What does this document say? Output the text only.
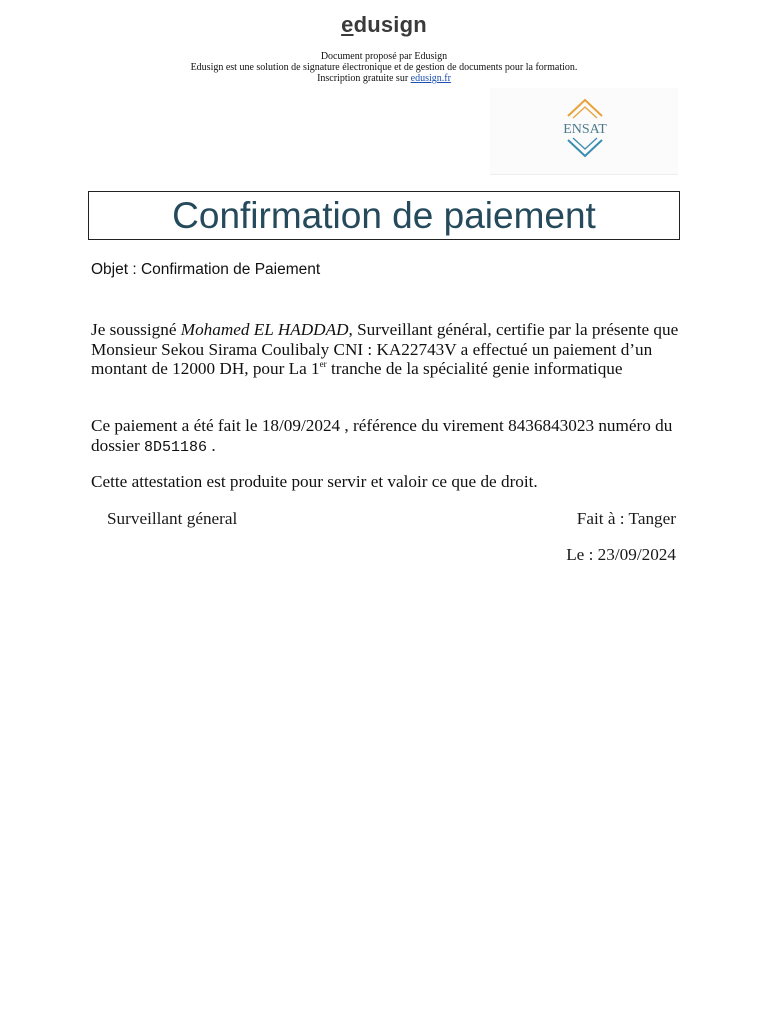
edusign
Document proposé par Edusign
Edusign est une solution de signature électronique et de gestion de documents pour la formation.
Inscription gratuite sur edusign.fr
ENSAT
Confirmation de paiement
Objet : Confirmation de Paiement

Je soussigné Mohamed EL HADDAD, Surveillant général, certifie par la présente que Monsieur Sekou Sirama Coulibaly CNI : KA22743V a effectué un paiement d’un montant de 12000 DH, pour La 1er tranche de la spécialité genie informatique

Ce paiement a été fait le 18/09/2024 , référence du virement 8436843023 numéro du dossier 8D51186 .

Cette attestation est produite pour servir et valoir ce que de droit.

Surveillant géneral	Fait à : Tanger
Le : 23/09/2024
